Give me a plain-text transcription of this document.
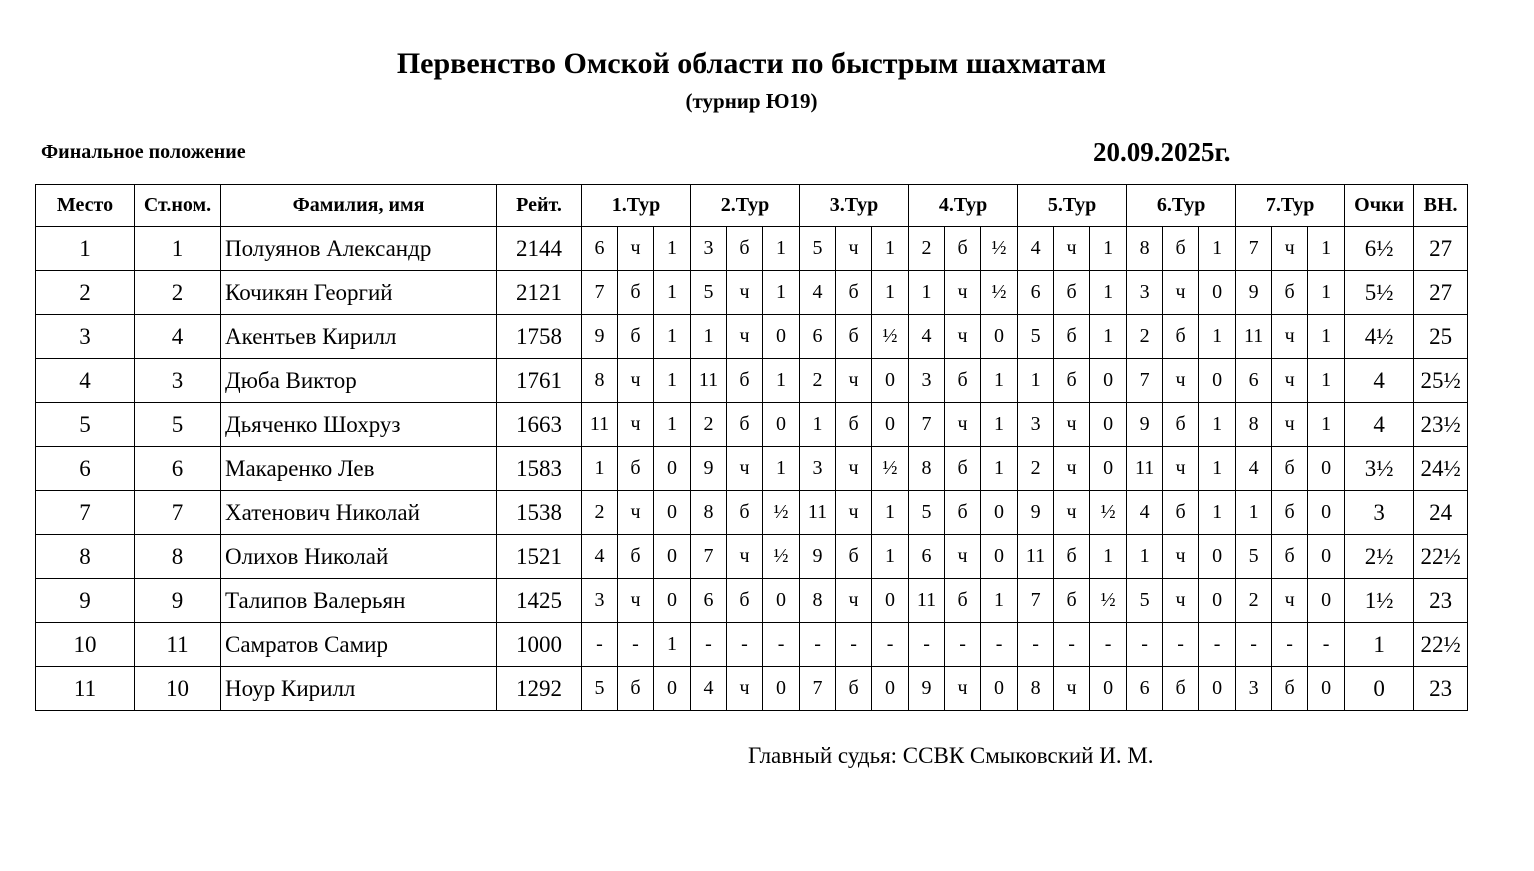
Первенство Омской области по быстрым шахматам
(турнир Ю19)
Финальное положение	20.09.2025г.
Место	Ст.ном.	Фамилия, имя	Рейт.	1.Тур			2.Тур			3.Тур			4.Тур			5.Тур			6.Тур			7.Тур			Очки	ВН.
1	1	Полуянов Александр	2144	6	ч	1	3	б	1	5	ч	1	2	б	½	4	ч	1	8	б	1	7	ч	1	6½	27
2	2	Кочикян Георгий	2121	7	б	1	5	ч	1	4	б	1	1	ч	½	6	б	1	3	ч	0	9	б	1	5½	27
3	4	Акентьев Кирилл	1758	9	б	1	1	ч	0	6	б	½	4	ч	0	5	б	1	2	б	1	11	ч	1	4½	25
4	3	Дюба Виктор	1761	8	ч	1	11	б	1	2	ч	0	3	б	1	1	б	0	7	ч	0	6	ч	1	4	25½
5	5	Дьяченко Шохруз	1663	11	ч	1	2	б	0	1	б	0	7	ч	1	3	ч	0	9	б	1	8	ч	1	4	23½
6	6	Макаренко Лев	1583	1	б	0	9	ч	1	3	ч	½	8	б	1	2	ч	0	11	ч	1	4	б	0	3½	24½
7	7	Хатенович Николай	1538	2	ч	0	8	б	½	11	ч	1	5	б	0	9	ч	½	4	б	1	1	б	0	3	24
8	8	Олихов Николай	1521	4	б	0	7	ч	½	9	б	1	6	ч	0	11	б	1	1	ч	0	5	б	0	2½	22½
9	9	Талипов Валерьян	1425	3	ч	0	6	б	0	8	ч	0	11	б	1	7	б	½	5	ч	0	2	ч	0	1½	23
10	11	Самратов Самир	1000	-	-	1	-	-	-	-	-	-	-	-	-	-	-	-	-	-	-	-	-	-	1	22½
11	10	Ноур Кирилл	1292	5	б	0	4	ч	0	7	б	0	9	ч	0	8	ч	0	6	б	0	3	б	0	0	23
Главный судья: ССВК Смыковский И. М.
